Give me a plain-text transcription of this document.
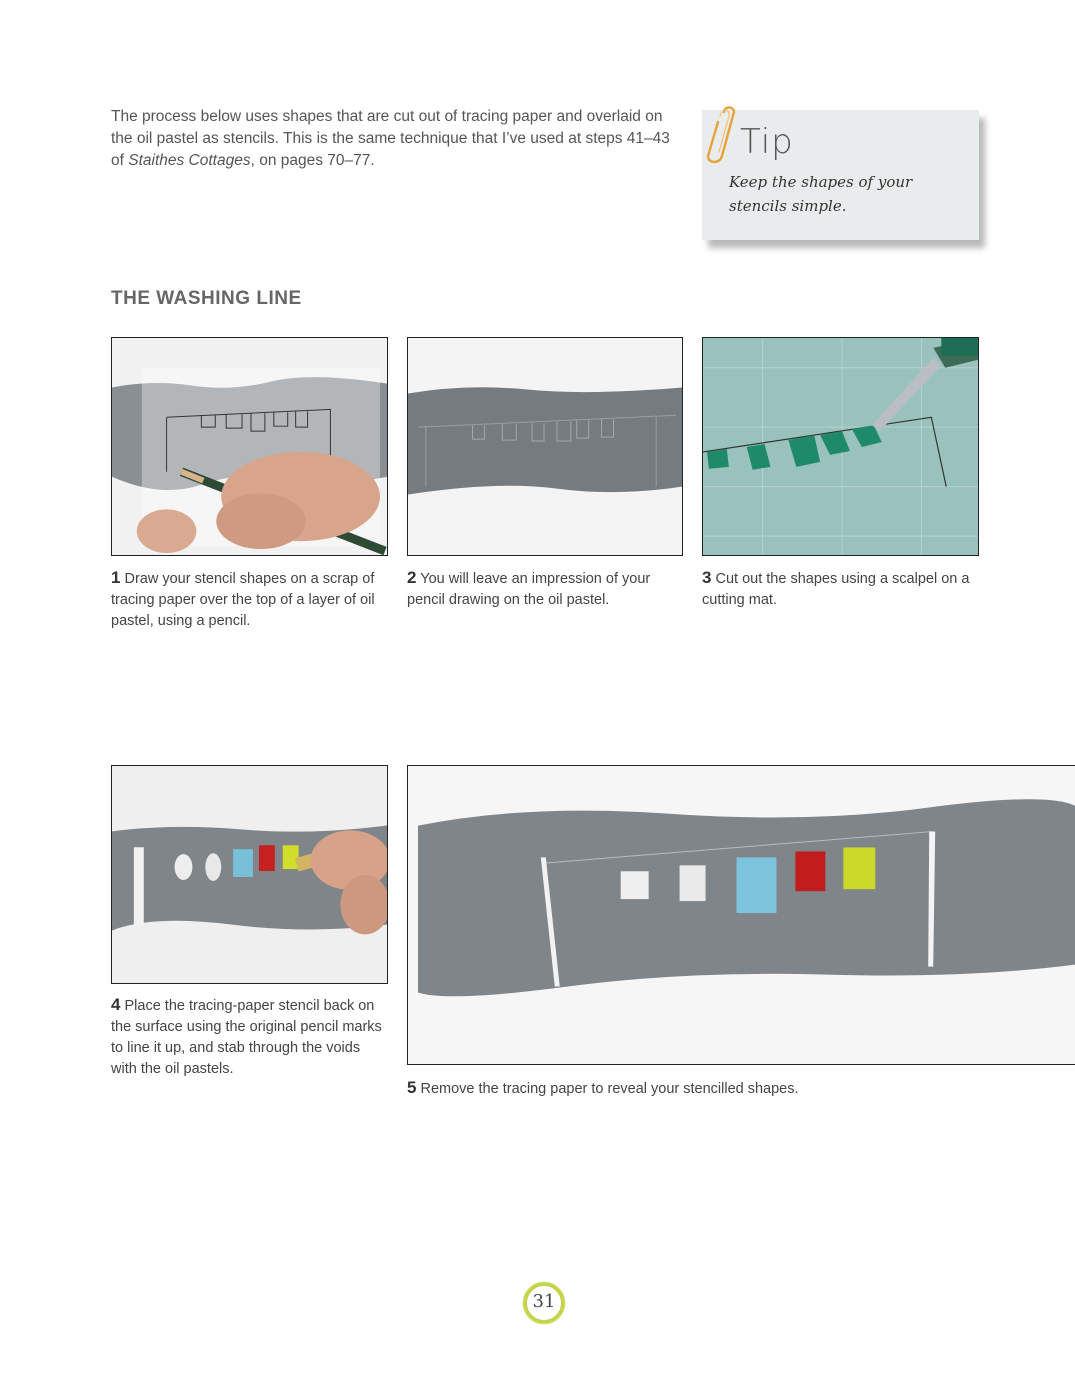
The process below uses shapes that are cut out of tracing paper and overlaid on the oil pastel as stencils. This is the same technique that I’ve used at steps 41–43 of Staithes Cottages, on pages 70–77.	Tip
Keep the shapes of your stencils simple.
THE WASHING LINE

1 Draw your stencil shapes on a scrap of tracing paper over the top of a layer of oil pastel, using a pencil.

2 You will leave an impression of your pencil drawing on the oil pastel.

3 Cut out the shapes using a scalpel on a cutting mat.

4 Place the tracing-paper stencil back on the surface using the original pencil marks to line it up, and stab through the voids with the oil pastels.

5 Remove the tracing paper to reveal your stencilled shapes.

31
